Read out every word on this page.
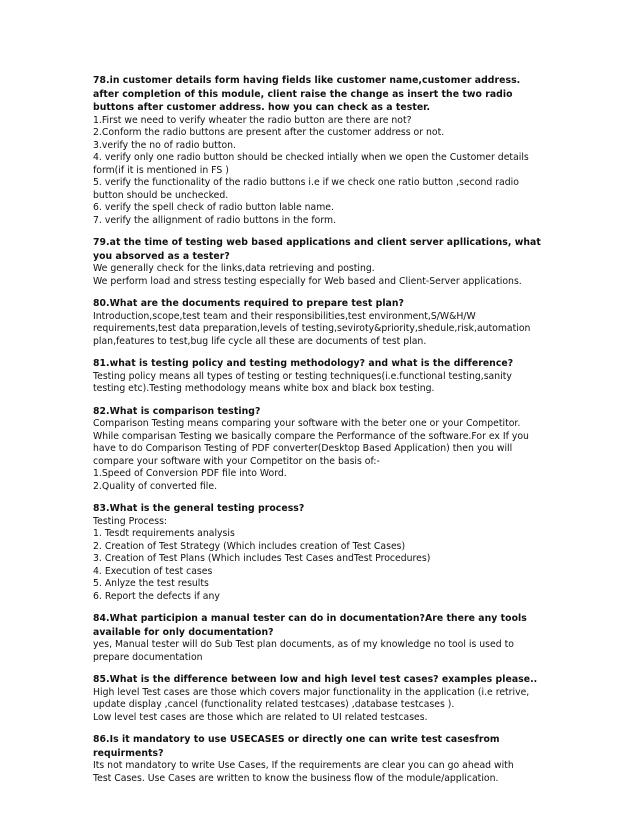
78.in customer details form having fields like customer name,customer address.
after completion of this module, client raise the change as insert the two radio
buttons after customer address. how you can check as a tester.

1.First we need to verify wheater the radio button are there are not?
2.Conform the radio buttons are present after the customer address or not.
3.verify the no of radio button.
4. verify only one radio button should be checked intially when we open the Customer details
form(if it is mentioned in FS )
5. verify the functionality of the radio buttons i.e if we check one ratio button ,second radio
button should be unchecked.
6. verify the spell check of radio button lable name.
7. verify the allignment of radio buttons in the form.

79.at the time of testing web based applications and client server apllications, what
you absorved as a tester?

We generally check for the links,data retrieving and posting.
We perform load and stress testing especially for Web based and Client-Server applications.

80.What are the documents required to prepare test plan?

Introduction,scope,test team and their responsibilities,test environment,S/W&H/W
requirements,test data preparation,levels of testing,seviroty&priority,shedule,risk,automation
plan,features to test,bug life cycle all these are documents of test plan.

81.what is testing policy and testing methodology? and what is the difference?

Testing policy means all types of testing or testing techniques(i.e.functional testing,sanity
testing etc).Testing methodology means white box and black box testing.

82.What is comparison testing?

Comparison Testing means comparing your software with the beter one or your Competitor.
While comparisan Testing we basically compare the Performance of the software.For ex If you
have to do Comparison Testing of PDF converter(Desktop Based Application) then you will
compare your software with your Competitor on the basis of:-
1.Speed of Conversion PDF file into Word.
2.Quality of converted file.

83.What is the general testing process?

Testing Process:
1. Tesdt requirements analysis
2. Creation of Test Strategy (Which includes creation of Test Cases)
3. Creation of Test Plans (Which includes Test Cases andTest Procedures)
4. Execution of test cases
5. Anlyze the test results
6. Report the defects if any

84.What participion a manual tester can do in documentation?Are there any tools
available for only documentation?

yes, Manual tester will do Sub Test plan documents, as of my knowledge no tool is used to
prepare documentation

85.What is the difference between low and high level test cases? examples please..

High level Test cases are those which covers major functionality in the application (i.e retrive,
update display ,cancel (functionality related testcases) ,database testcases ).
Low level test cases are those which are related to UI related testcases.

86.Is it mandatory to use USECASES or directly one can write test casesfrom
requirments?

Its not mandatory to write Use Cases, If the requirements are clear you can go ahead with
Test Cases. Use Cases are written to know the business flow of the module/application.
